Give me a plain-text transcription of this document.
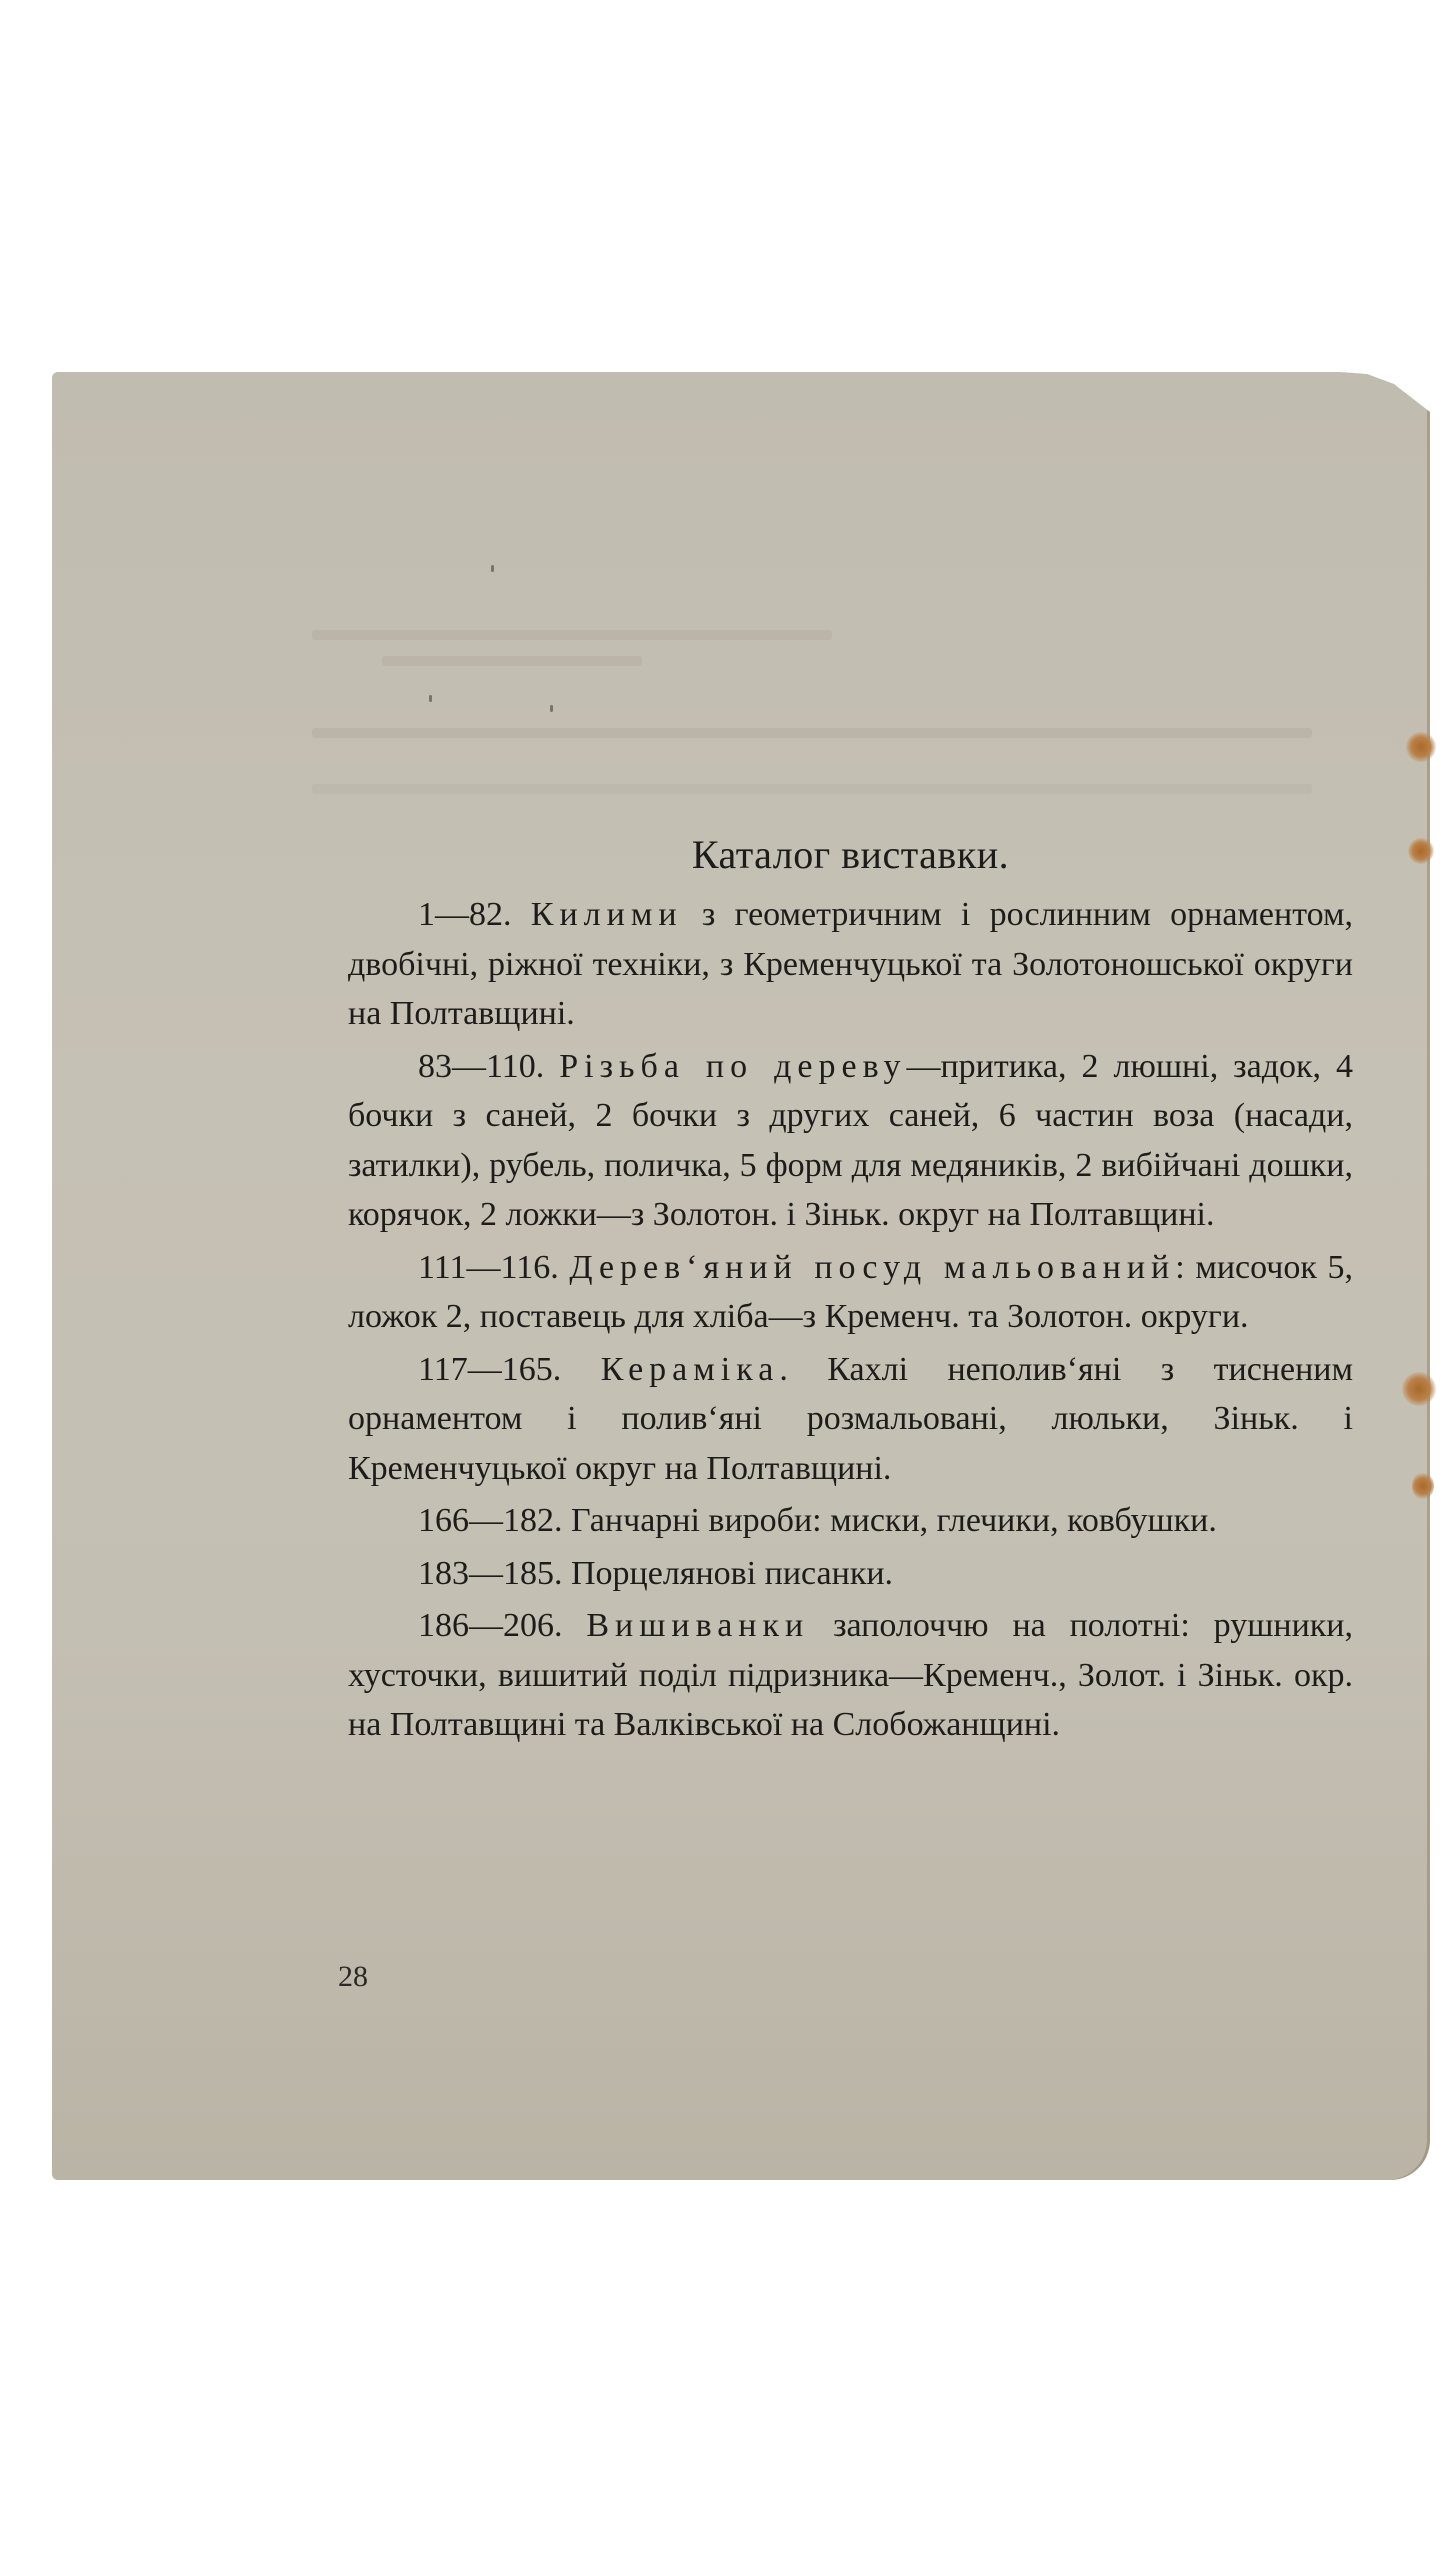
Каталог виставки.

1—82. Килими з геометричним і рослинним орнаментом, двобічні, ріжної техніки, з Кременчуцької та Золотоношської округи на Полтавщині.

83—110. Різьба по дереву—притика, 2 люшні, задок, 4 бочки з саней, 2 бочки з других саней, 6 частин воза (насади, затилки), рубель, поличка, 5 форм для медяників, 2 вибійчані дошки, корячок, 2 ложки—з Золотон. і Зіньк. округ на Полтавщині.

111—116. Дерев‘яний посуд мальований: мисочок 5, ложок 2, поставець для хліба—з Кременч. та Золотон. округи.

117—165. Кераміка. Кахлі неполив‘яні з тисненим орнаментом і полив‘яні розмальовані, люльки, Зіньк. і Кременчуцької округ на Полтавщині.

166—182. Ганчарні вироби: миски, глечики, ковбушки.

183—185. Порцелянові писанки.

186—206. Вишиванки заполоччю на полотні: рушники, хусточки, вишитий поділ підризника—Кременч., Золот. і Зіньк. окр. на Полтавщині та Валківської на Слобожанщині.

28
